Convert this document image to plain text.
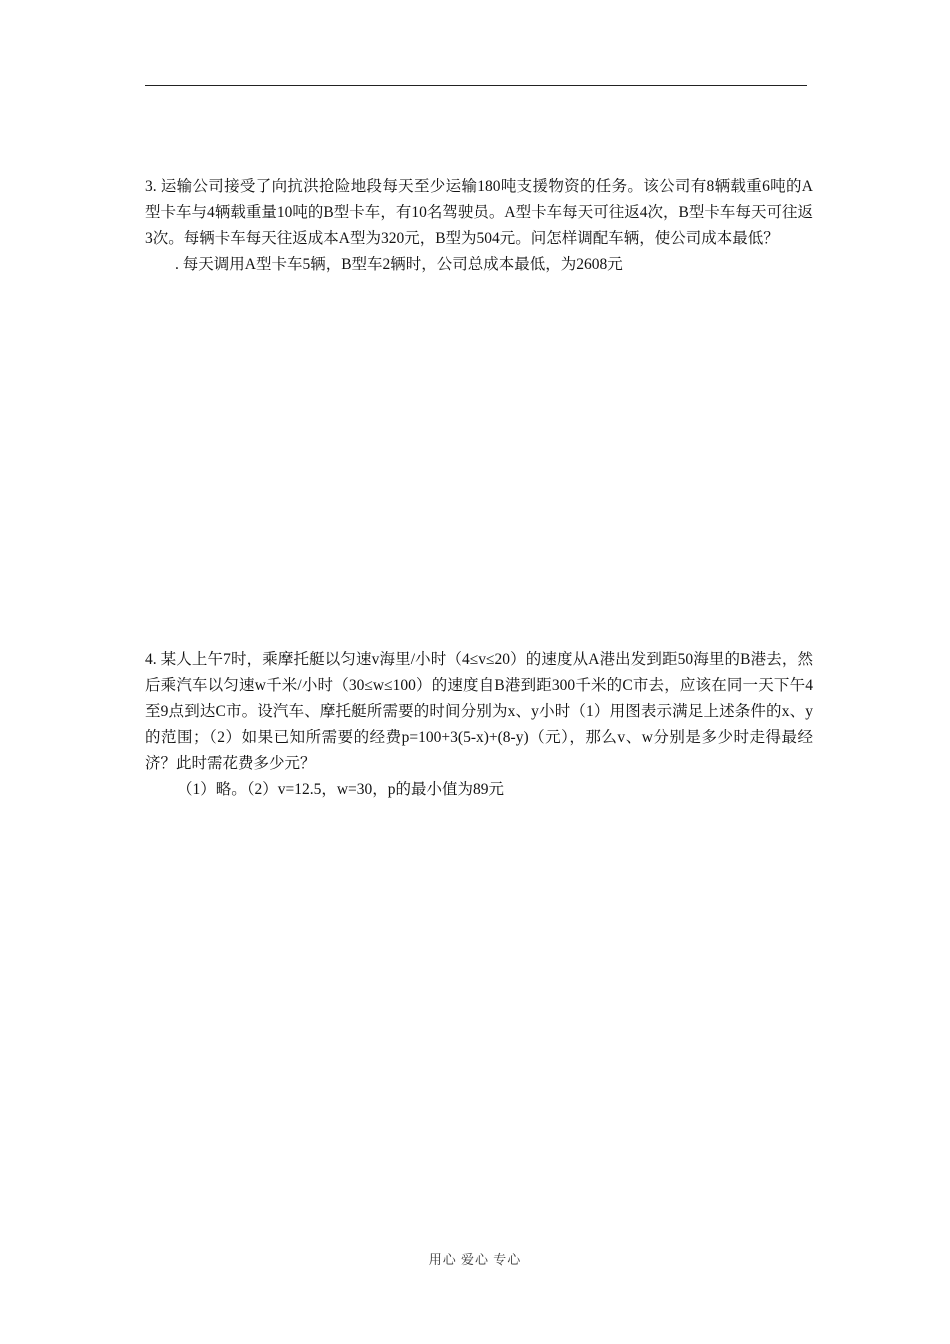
3. 运输公司接受了向抗洪抢险地段每天至少运输180吨支援物资的任务。该公司有8辆载重6吨的A型卡车与4辆载重量10吨的B型卡车，有10名驾驶员。A型卡车每天可往返4次，B型卡车每天可往返3次。每辆卡车每天往返成本A型为320元，B型为504元。问怎样调配车辆，使公司成本最低？

. 每天调用A型卡车5辆，B型车2辆时，公司总成本最低，为2608元

4. 某人上午7时，乘摩托艇以匀速v海里/小时（4≤v≤20）的速度从A港出发到距50海里的B港去，然后乘汽车以匀速w千米/小时（30≤w≤100）的速度自B港到距300千米的C市去，应该在同一天下午4至9点到达C市。设汽车、摩托艇所需要的时间分别为x、y小时（1）用图表示满足上述条件的x、y的范围；（2）如果已知所需要的经费p=100+3(5-x)+(8-y)（元），那么v、w分别是多少时走得最经济？此时需花费多少元？

（1）略。（2）v=12.5，w=30，p的最小值为89元

用心 爱心 专心
